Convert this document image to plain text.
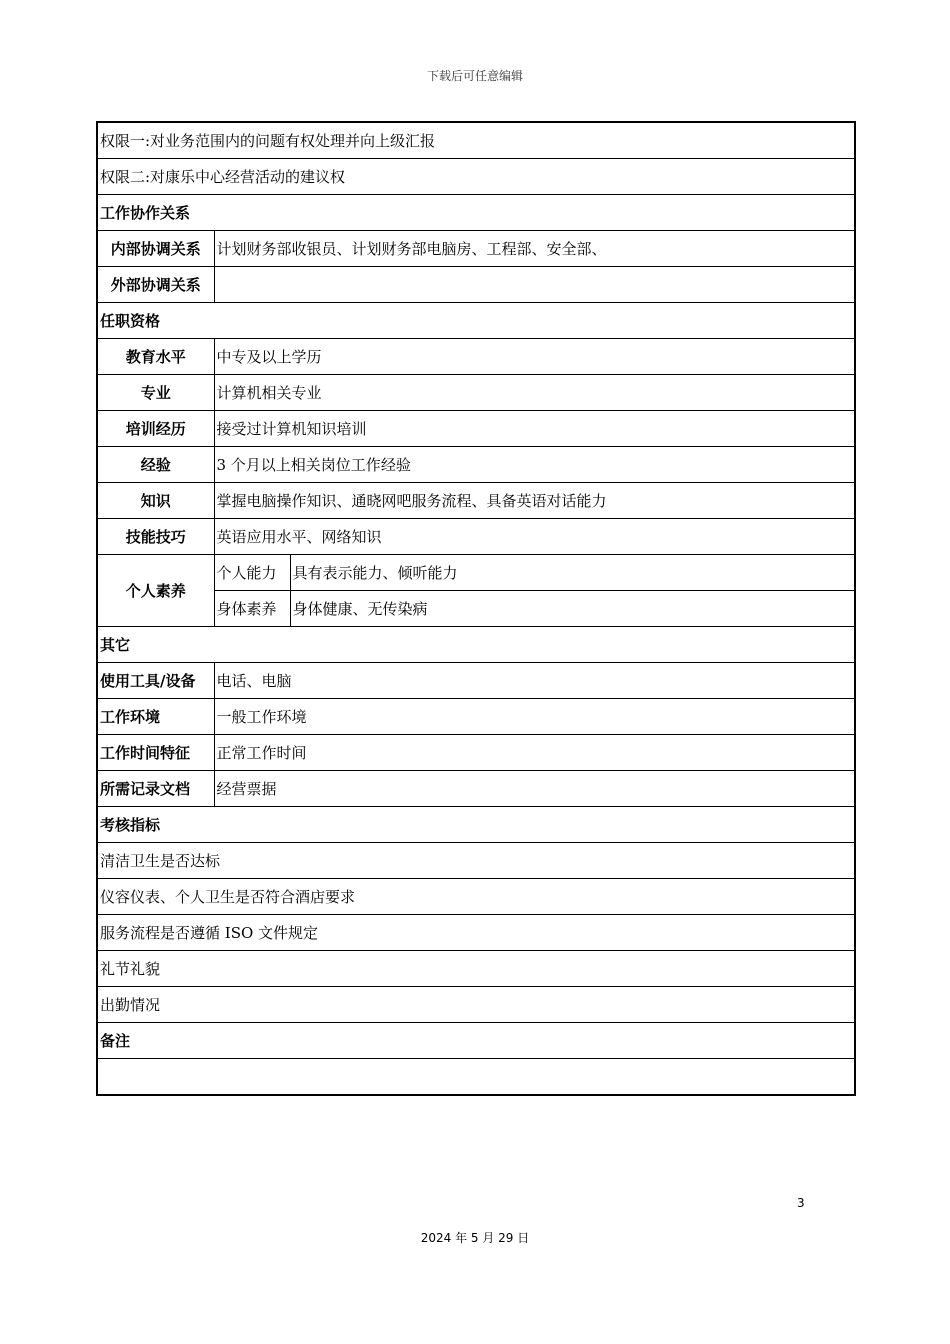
下载后可任意编辑
权限一:对业务范围内的问题有权处理并向上级汇报		
权限二:对康乐中心经营活动的建议权		
工作协作关系		
内部协调关系	计划财务部收银员、计划财务部电脑房、工程部、安全部、	
外部协调关系		
任职资格		
教育水平	中专及以上学历	
专业	计算机相关专业	
培训经历	接受过计算机知识培训	
经验	3 个月以上相关岗位工作经验	
知识	掌握电脑操作知识、通晓网吧服务流程、具备英语对话能力	
技能技巧	英语应用水平、网络知识	
个人素养	个人能力	具有表示能力、倾听能力
	身体素养	身体健康、无传染病
其它		
使用工具/设备	电话、电脑	
工作环境	一般工作环境	
工作时间特征	正常工作时间	
所需记录文档	经营票据	
考核指标		
清洁卫生是否达标		
仪容仪表、个人卫生是否符合酒店要求		
服务流程是否遵循 ISO 文件规定		
礼节礼貌		
出勤情况		
备注		

3
2024 年 5 月 29 日
